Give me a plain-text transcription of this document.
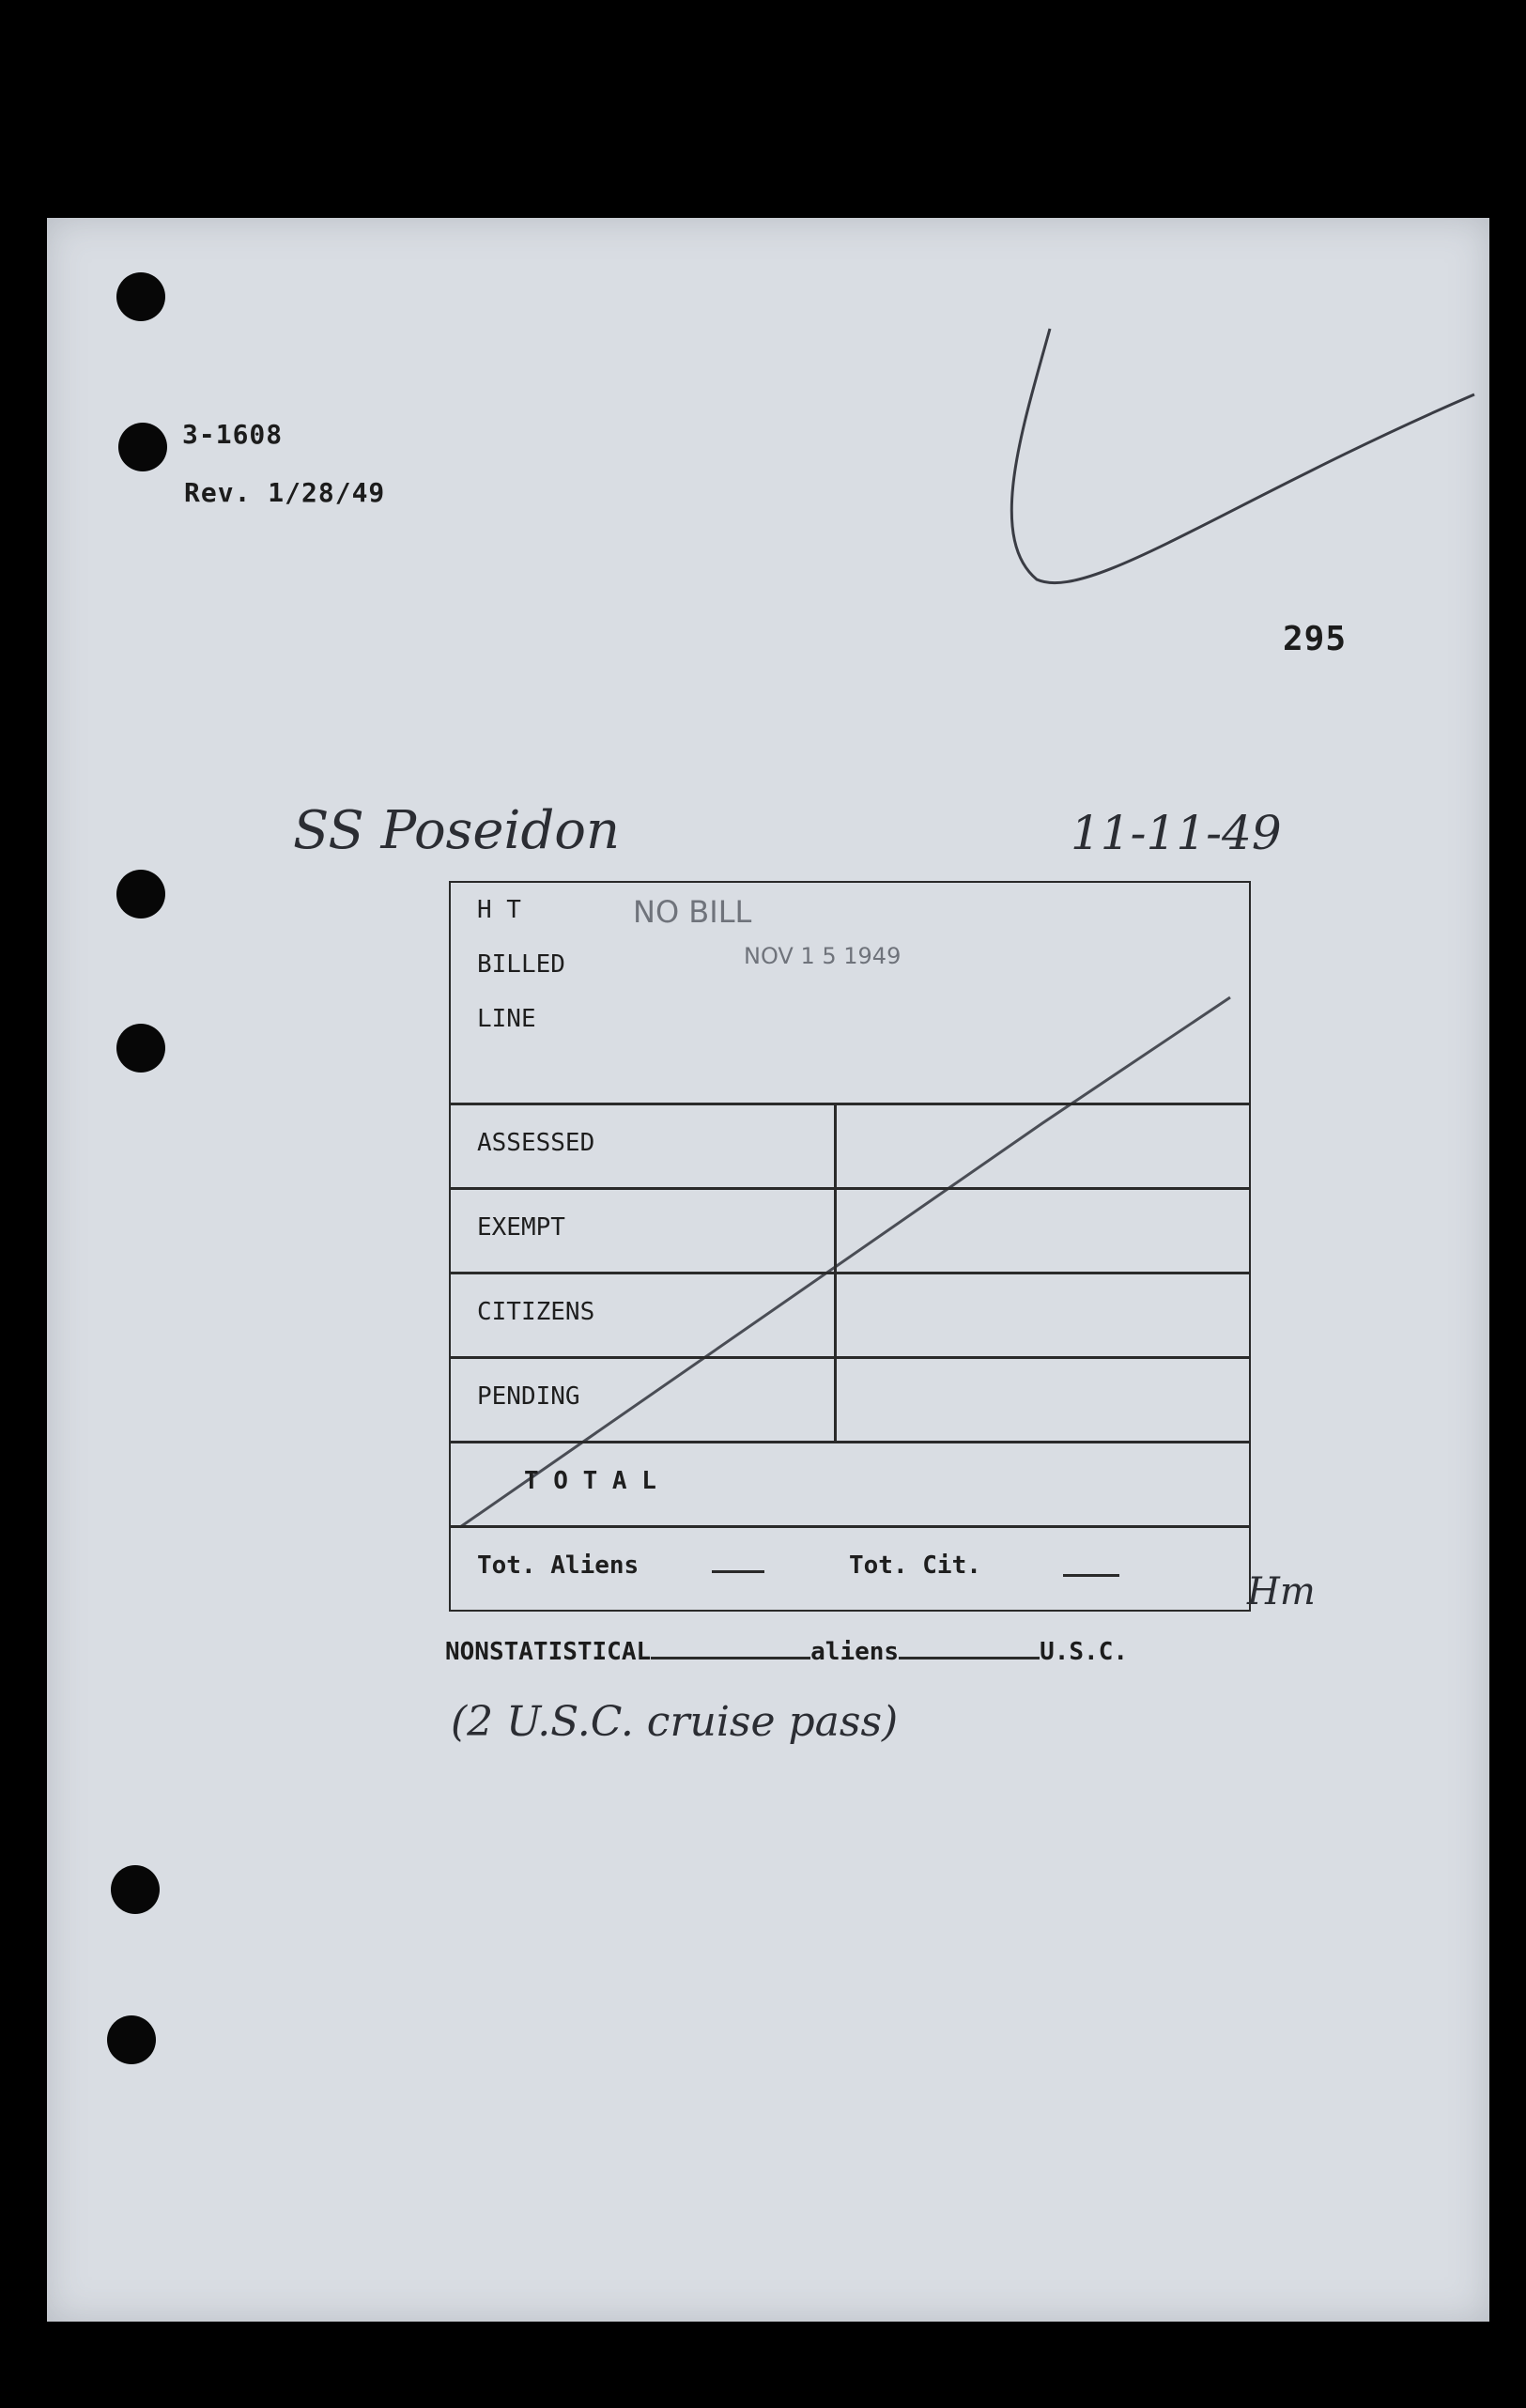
3-1608
Rev. 1/28/49
295
SS Poseidon	11-11-49
H T
BILLED
LINE
NO BILL
NOV 1 5 1949
ASSESSED
EXEMPT
CITIZENS
PENDING
T O T A L
Tot. Aliens	Tot. Cit.
Hm
NONSTATISTICAL	aliens	U.S.C.
(2 U.S.C. cruise pass)
